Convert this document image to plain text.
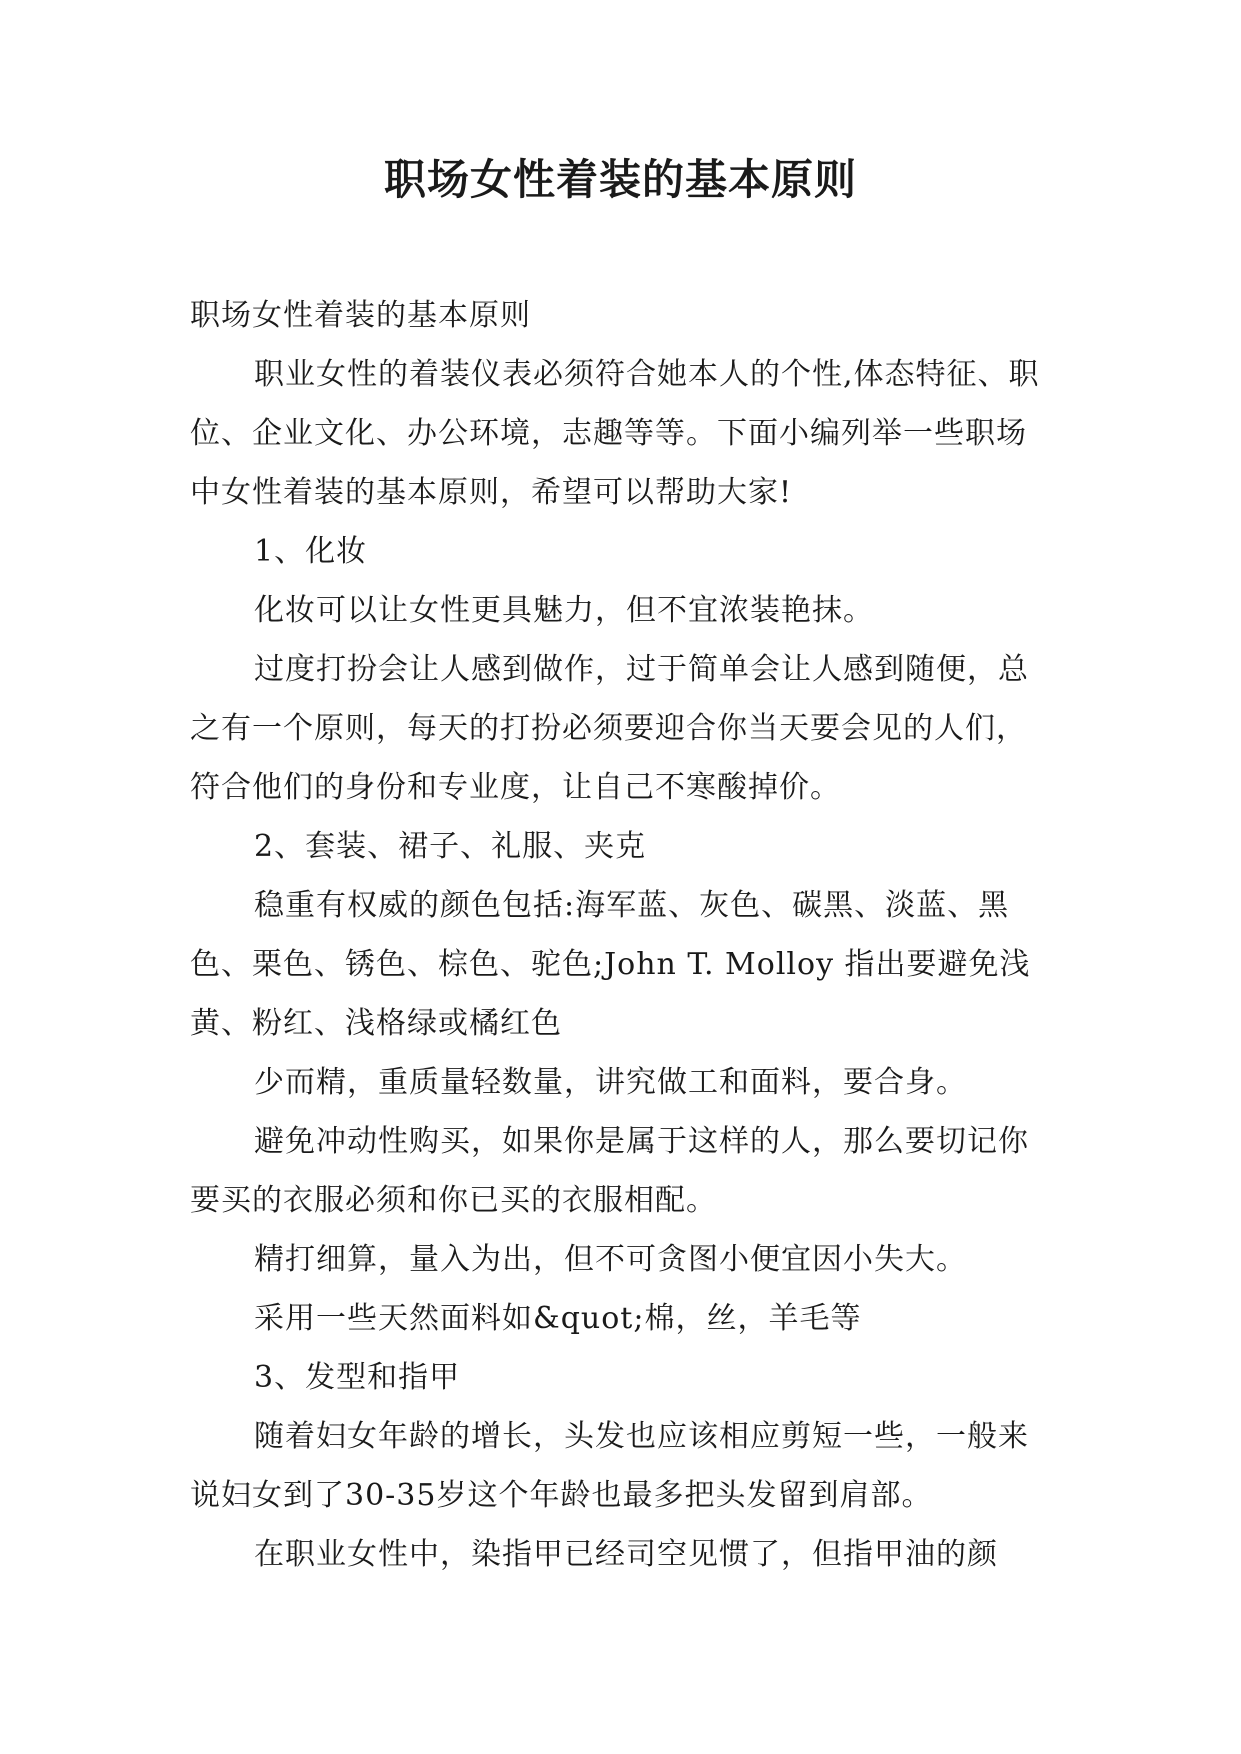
职场女性着装的基本原则

职场女性着装的基本原则

职业女性的着装仪表必须符合她本人的个性,体态特征、职位、企业文化、办公环境，志趣等等。下面小编列举一些职场中女性着装的基本原则，希望可以帮助大家!

1、化妆

化妆可以让女性更具魅力，但不宜浓装艳抹。

过度打扮会让人感到做作，过于简单会让人感到随便，总之有一个原则，每天的打扮必须要迎合你当天要会见的人们，符合他们的身份和专业度，让自己不寒酸掉价。

2、套装、裙子、礼服、夹克

稳重有权威的颜色包括:海军蓝、灰色、碳黑、淡蓝、黑色、栗色、锈色、棕色、驼色;John T. Molloy 指出要避免浅黄、粉红、浅格绿或橘红色

少而精，重质量轻数量，讲究做工和面料，要合身。

避免冲动性购买，如果你是属于这样的人，那么要切记你要买的衣服必须和你已买的衣服相配。

精打细算，量入为出，但不可贪图小便宜因小失大。

采用一些天然面料如&quot;棉，丝，羊毛等

3、发型和指甲

随着妇女年龄的增长，头发也应该相应剪短一些，一般来说妇女到了30-35岁这个年龄也最多把头发留到肩部。

在职业女性中，染指甲已经司空见惯了，但指甲油的颜
